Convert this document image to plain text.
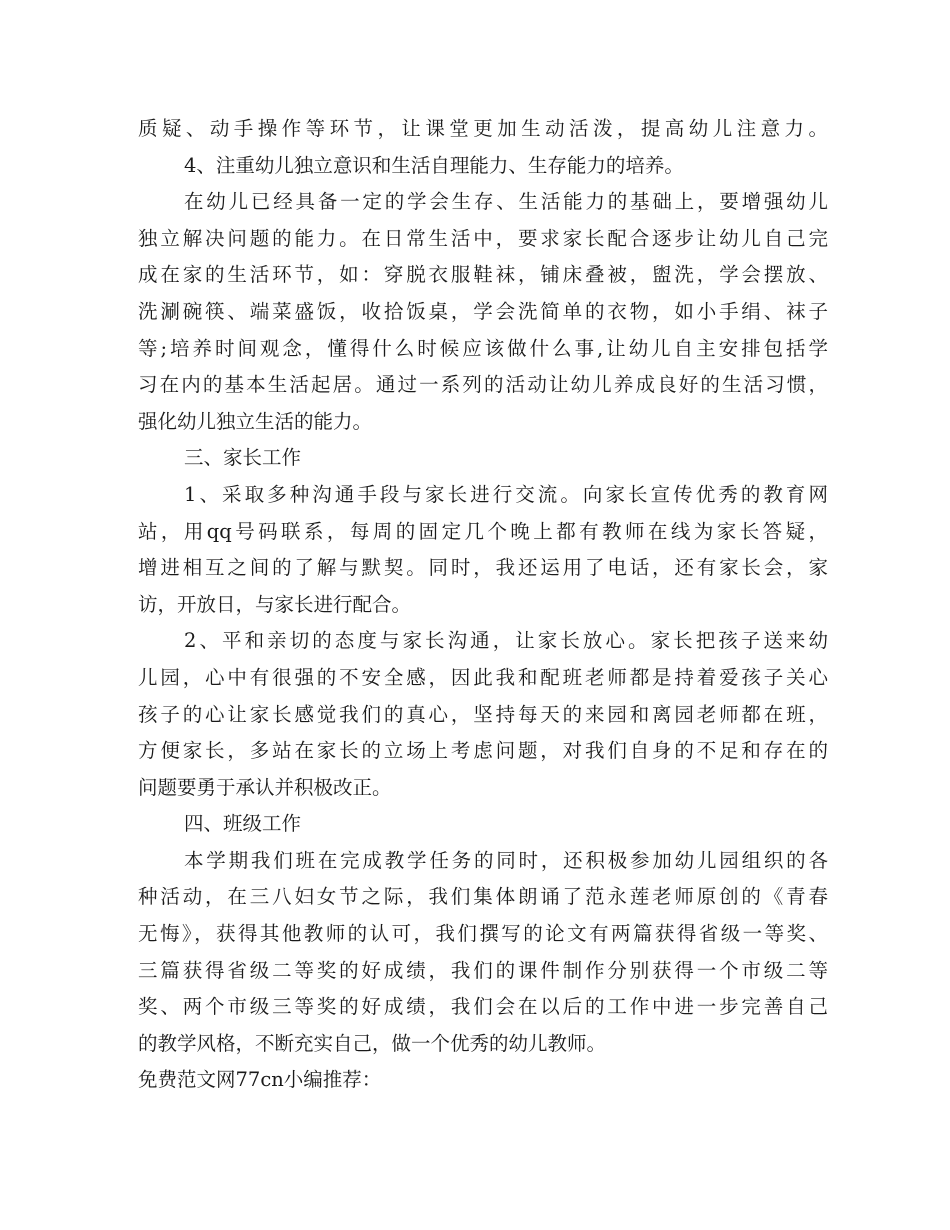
质疑、动手操作等环节，让课堂更加生动活泼，提高幼儿注意力。
4、注重幼儿独立意识和生活自理能力、生存能力的培养。
在幼儿已经具备一定的学会生存、生活能力的基础上，要增强幼儿
独立解决问题的能力。在日常生活中，要求家长配合逐步让幼儿自己完
成在家的生活环节，如：穿脱衣服鞋袜，铺床叠被，盥洗，学会摆放、
洗涮碗筷、端菜盛饭，收拾饭桌，学会洗简单的衣物，如小手绢、袜子
等;培养时间观念，懂得什么时候应该做什么事,让幼儿自主安排包括学
习在内的基本生活起居。通过一系列的活动让幼儿养成良好的生活习惯，
强化幼儿独立生活的能力。
三、家长工作
1、采取多种沟通手段与家长进行交流。向家长宣传优秀的教育网
站，用qq号码联系，每周的固定几个晚上都有教师在线为家长答疑，
增进相互之间的了解与默契。同时，我还运用了电话，还有家长会，家
访，开放日，与家长进行配合。
2、平和亲切的态度与家长沟通，让家长放心。家长把孩子送来幼
儿园，心中有很强的不安全感，因此我和配班老师都是持着爱孩子关心
孩子的心让家长感觉我们的真心，坚持每天的来园和离园老师都在班，
方便家长，多站在家长的立场上考虑问题，对我们自身的不足和存在的
问题要勇于承认并积极改正。
四、班级工作
本学期我们班在完成教学任务的同时，还积极参加幼儿园组织的各
种活动，在三八妇女节之际，我们集体朗诵了范永莲老师原创的《青春
无悔》，获得其他教师的认可，我们撰写的论文有两篇获得省级一等奖、
三篇获得省级二等奖的好成绩，我们的课件制作分别获得一个市级二等
奖、两个市级三等奖的好成绩，我们会在以后的工作中进一步完善自己
的教学风格，不断充实自己，做一个优秀的幼儿教师。
免费范文网77cn小编推荐：
